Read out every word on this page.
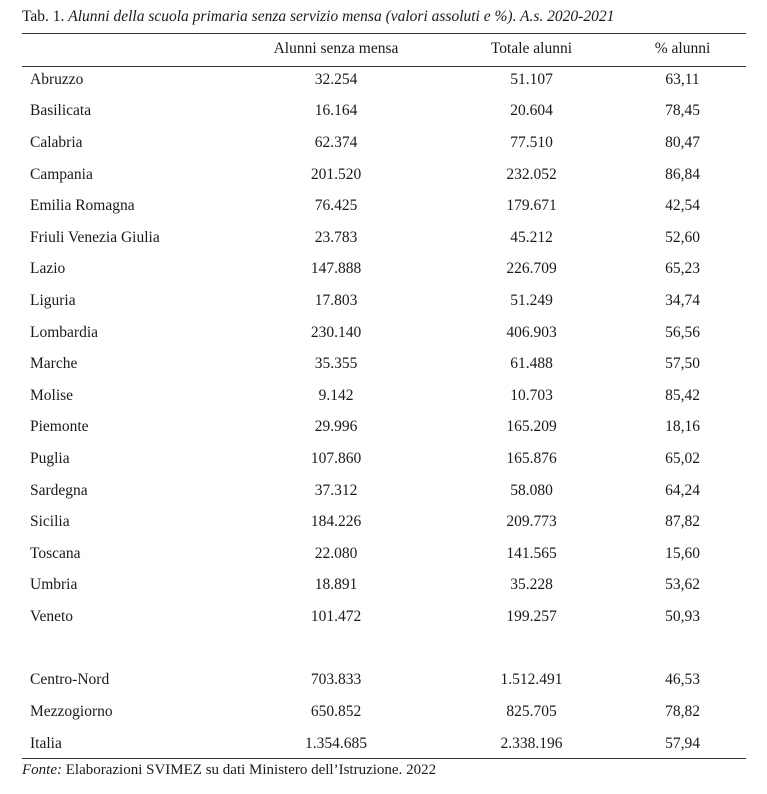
Tab. 1. Alunni della scuola primaria senza servizio mensa (valori assoluti e %). A.s. 2020-2021
	Alunni senza mensa	Totale alunni	% alunni
Abruzzo	32.254	51.107	63,11
Basilicata	16.164	20.604	78,45
Calabria	62.374	77.510	80,47
Campania	201.520	232.052	86,84
Emilia Romagna	76.425	179.671	42,54
Friuli Venezia Giulia	23.783	45.212	52,60
Lazio	147.888	226.709	65,23
Liguria	17.803	51.249	34,74
Lombardia	230.140	406.903	56,56
Marche	35.355	61.488	57,50
Molise	9.142	10.703	85,42
Piemonte	29.996	165.209	18,16
Puglia	107.860	165.876	65,02
Sardegna	37.312	58.080	64,24
Sicilia	184.226	209.773	87,82
Toscana	22.080	141.565	15,60
Umbria	18.891	35.228	53,62
Veneto	101.472	199.257	50,93

Centro-Nord	703.833	1.512.491	46,53
Mezzogiorno	650.852	825.705	78,82
Italia	1.354.685	2.338.196	57,94
Fonte: Elaborazioni SVIMEZ su dati Ministero dell’Istruzione. 2022
